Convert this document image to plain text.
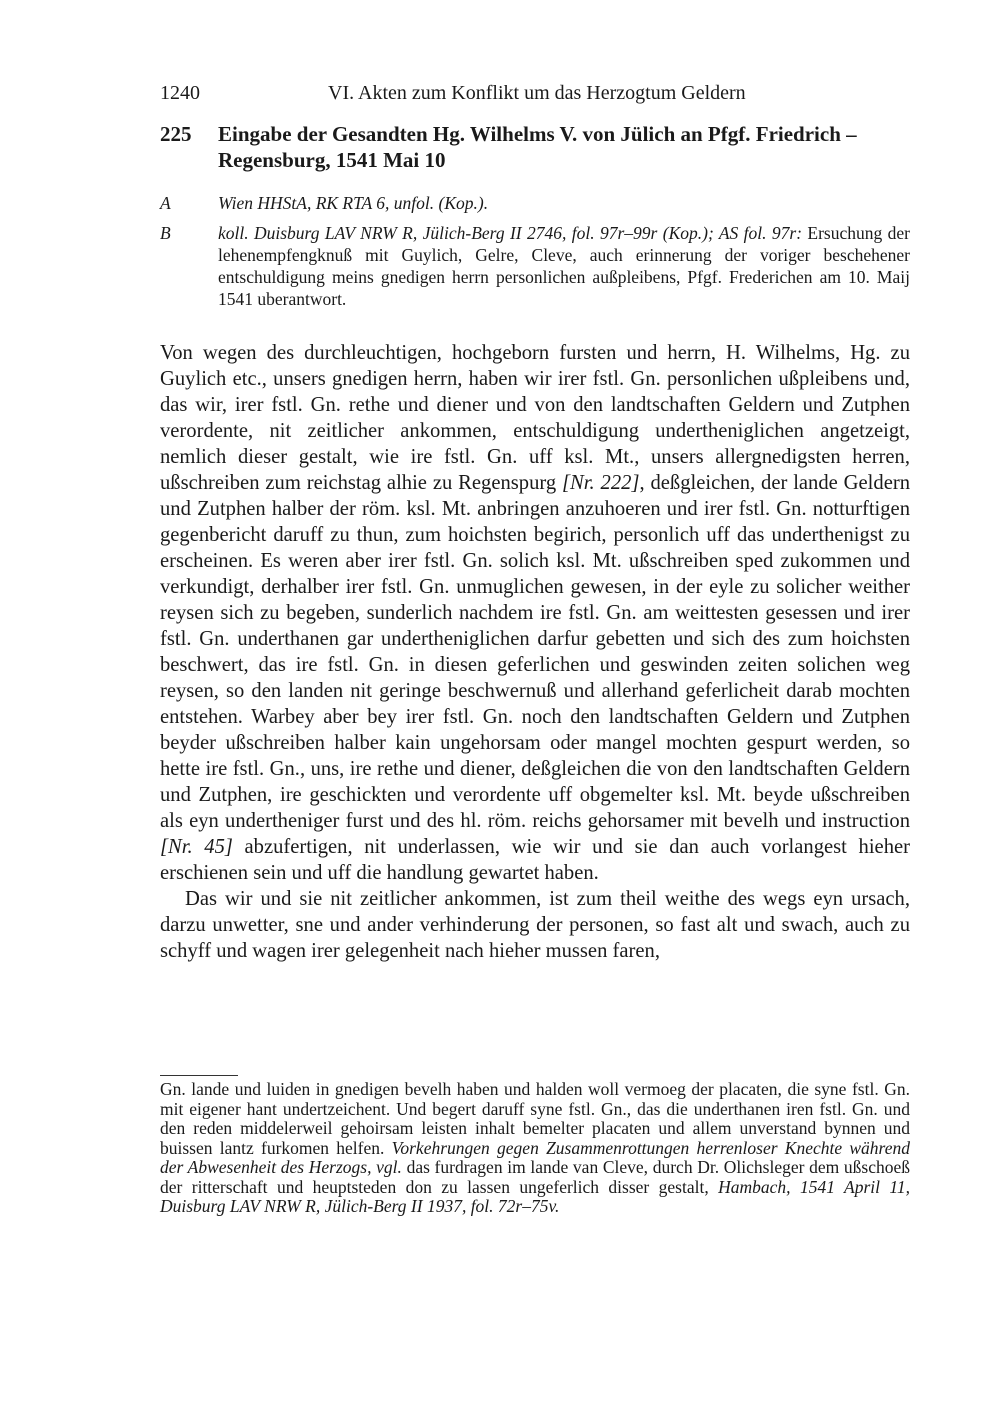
1240	VI. Akten zum Konflikt um das Herzogtum Geldern
225 Eingabe der Gesandten Hg. Wilhelms V. von Jülich an Pfgf. Friedrich – Regensburg, 1541 Mai 10
A	Wien HHStA, RK RTA 6, unfol. (Kop.).
B	koll. Duisburg LAV NRW R, Jülich-Berg II 2746, fol. 97r–99r (Kop.); AS fol. 97r: Ersuchung der lehenempfengknuß mit Guylich, Gelre, Cleve, auch erinnerung der voriger beschehener entschuldigung meins gnedigen herrn personlichen außpleibens, Pfgf. Frederichen am 10. Maij 1541 uberantwort.

Von wegen des durchleuchtigen, hochgeborn fursten und herrn, H. Wilhelms, Hg. zu Guylich etc., unsers gnedigen herrn, haben wir irer fstl. Gn. personlichen ußpleibens und, das wir, irer fstl. Gn. rethe und diener und von den landtschaften Geldern und Zutphen verordente, nit zeitlicher ankommen, entschuldigung undertheniglichen angetzeigt, nemlich dieser gestalt, wie ire fstl. Gn. uff ksl. Mt., unsers allergnedigsten herren, ußschreiben zum reichstag alhie zu Regenspurg [Nr. 222], deßgleichen, der lande Geldern und Zutphen halber der röm. ksl. Mt. anbringen anzuhoeren und irer fstl. Gn. notturftigen gegenbericht daruff zu thun, zum hoichsten begirich, personlich uff das underthenigst zu erscheinen. Es weren aber irer fstl. Gn. solich ksl. Mt. ußschreiben sped zukommen und verkundigt, derhalber irer fstl. Gn. unmuglichen gewesen, in der eyle zu solicher weither reysen sich zu begeben, sunderlich nachdem ire fstl. Gn. am weittesten gesessen und irer fstl. Gn. underthanen gar undertheniglichen darfur gebetten und sich des zum hoichsten beschwert, das ire fstl. Gn. in diesen geferlichen und geswinden zeiten solichen weg reysen, so den landen nit geringe beschwernuß und allerhand geferlicheit darab mochten entstehen. Warbey aber bey irer fstl. Gn. noch den landtschaften Geldern und Zutphen beyder ußschreiben halber kain ungehorsam oder mangel mochten gespurt werden, so hette ire fstl. Gn., uns, ire rethe und diener, deßgleichen die von den landtschaften Geldern und Zutphen, ire geschickten und verordente uff obgemelter ksl. Mt. beyde ußschreiben als eyn undertheniger furst und des hl. röm. reichs gehorsamer mit bevelh und instruction [Nr. 45] abzufertigen, nit underlassen, wie wir und sie dan auch vorlangest hieher erschienen sein und uff die handlung gewartet haben.

Das wir und sie nit zeitlicher ankommen, ist zum theil weithe des wegs eyn ursach, darzu unwetter, sne und ander verhinderung der personen, so fast alt und swach, auch zu schyff und wagen irer gelegenheit nach hieher mussen faren,

Gn. lande und luiden in gnedigen bevelh haben und halden woll vermoeg der placaten, die syne fstl. Gn. mit eigener hant undertzeichent. Und begert daruff syne fstl. Gn., das die underthanen iren fstl. Gn. und den reden middelerweil gehoirsam leisten inhalt bemelter placaten und allem unverstand bynnen und buissen lantz furkomen helfen. Vorkehrungen gegen Zusammenrottungen herrenloser Knechte während der Abwesenheit des Herzogs, vgl. das furdragen im lande van Cleve, durch Dr. Olichsleger dem ußschoeß der ritterschaft und heuptsteden don zu lassen ungeferlich disser gestalt, Hambach, 1541 April 11, Duisburg LAV NRW R, Jülich-Berg II 1937, fol. 72r–75v.
